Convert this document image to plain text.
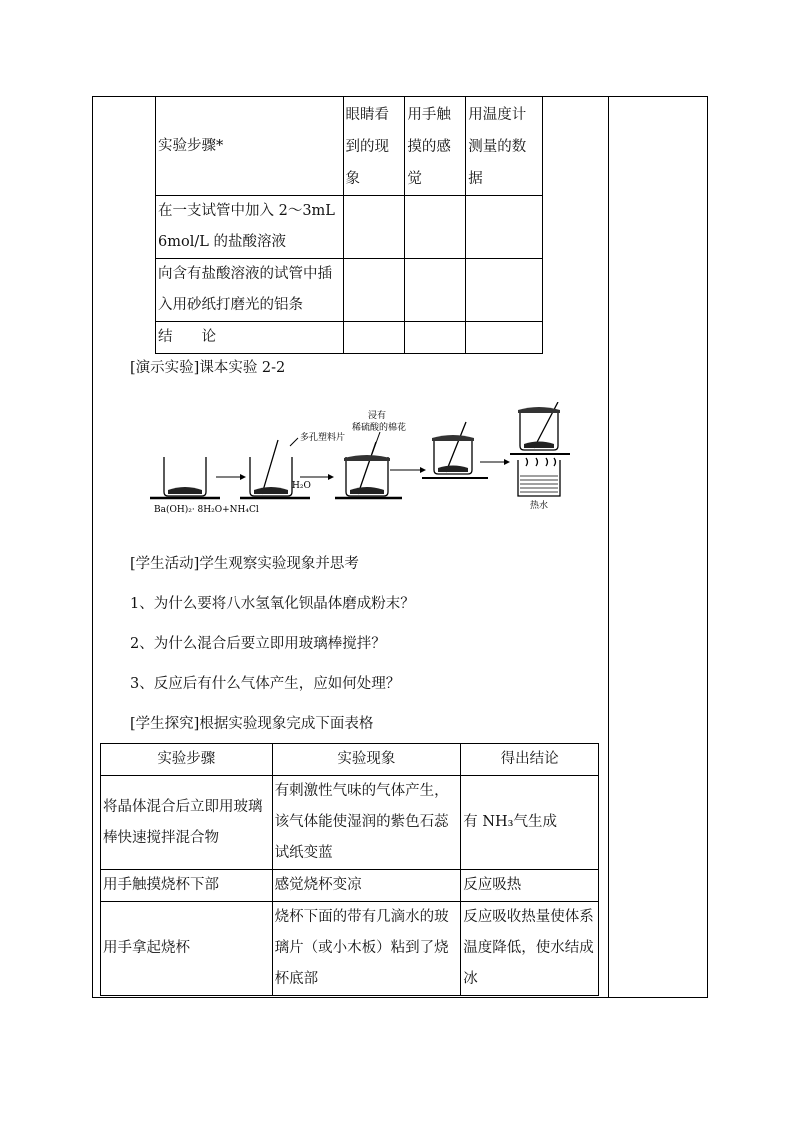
实验步骤*	眼睛看到的现象	用手触摸的感觉	用温度计测量的数据
在一支试管中加入 2～3mL 6mol/L 的盐酸溶液			
向含有盐酸溶液的试管中插入用砂纸打磨光的铝条			
结　　论			
[演示实验]课本实验 2-2
多孔塑料片
H₂O
浸有
稀硫酸的棉花
Ba(OH)₂· 8H₂O+NH₄Cl	热水
[学生活动]学生观察实验现象并思考
1、为什么要将八水氢氧化钡晶体磨成粉末？
2、为什么混合后要立即用玻璃棒搅拌？
3、反应后有什么气体产生，应如何处理？
[学生探究]根据实验现象完成下面表格
实验步骤	实验现象	得出结论
将晶体混合后立即用玻璃棒快速搅拌混合物	有刺激性气味的气体产生，该气体能使湿润的紫色石蕊试纸变蓝	有 NH₃气生成
用手触摸烧杯下部	感觉烧杯变凉	反应吸热
用手拿起烧杯	烧杯下面的带有几滴水的玻璃片（或小木板）粘到了烧杯底部	反应吸收热量使体系温度降低，使水结成冰
